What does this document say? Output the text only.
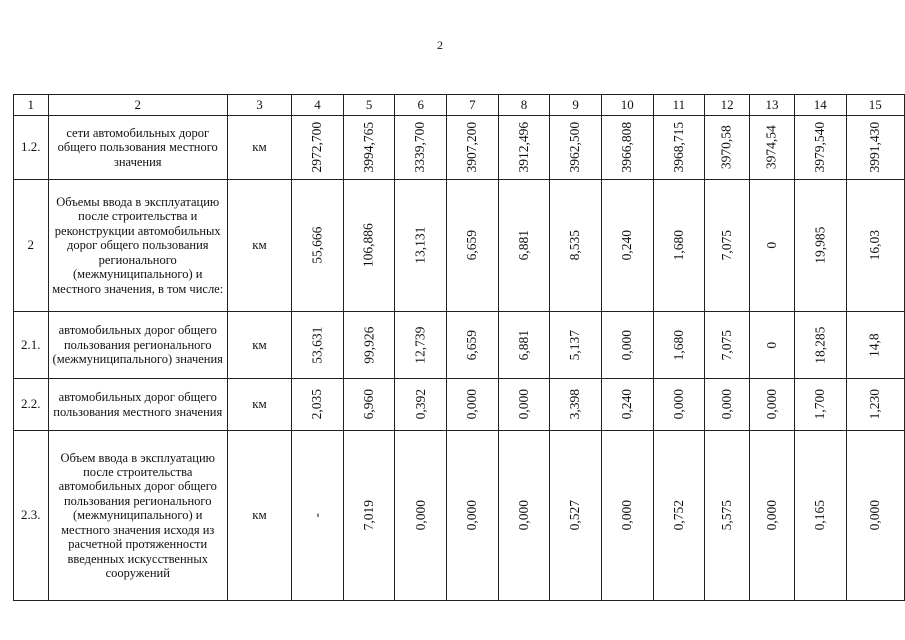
2
1	2	3	4	5	6	7	8	9	10	11	12	13	14	15
1.2.	сети автомобильных дорог общего пользования местного значения	км	2972,700	3994,765	3339,700	3907,200	3912,496	3962,500	3966,808	3968,715	3970,58	3974,54	3979,540	3991,430
2	Объемы ввода в эксплуатацию после строительства и реконструкции автомобильных дорог общего пользования регионального (межмуниципального) и местного значения, в том числе:	км	55,666	106,886	13,131	6,659	6,881	8,535	0,240	1,680	7,075	0	19,985	16,03
2.1.	автомобильных дорог общего пользования регионального (межмуниципального) значения	км	53,631	99,926	12,739	6,659	6,881	5,137	0,000	1,680	7,075	0	18,285	14,8
2.2.	автомобильных дорог общего пользования местного значения	км	2,035	6,960	0,392	0,000	0,000	3,398	0,240	0,000	0,000	0,000	1,700	1,230
2.3.	Объем ввода в эксплуатацию после строительства автомобильных дорог общего пользования регионального (межмуниципального) и местного значения исходя из расчетной протяженности введенных искусственных сооружений	км	-	7,019	0,000	0,000	0,000	0,527	0,000	0,752	5,575	0,000	0,165	0,000
